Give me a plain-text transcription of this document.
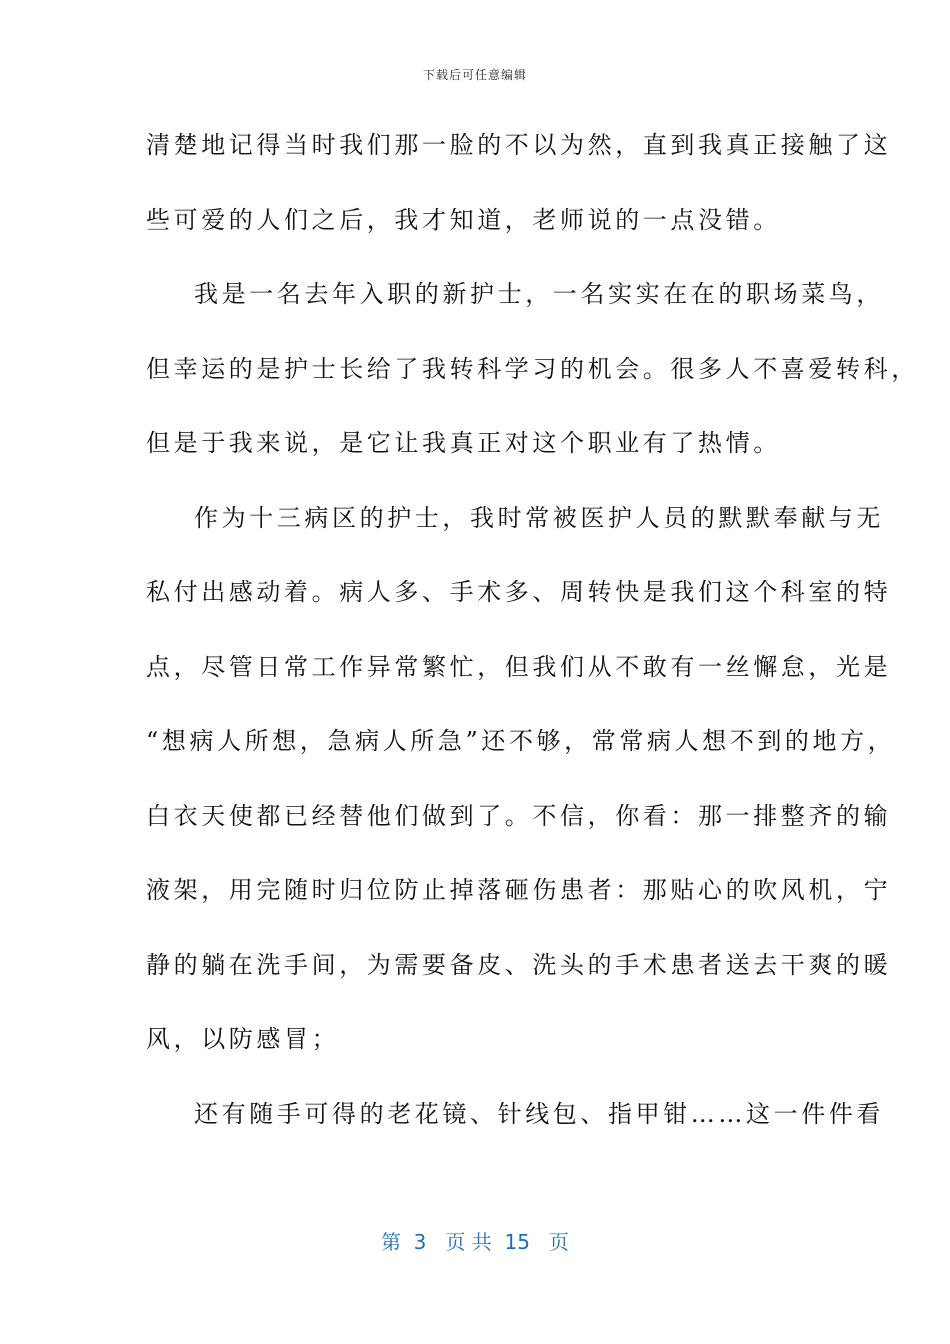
下载后可任意编辑
清楚地记得当时我们那一脸的不以为然，直到我真正接触了这
些可爱的人们之后，我才知道，老师说的一点没错。
我是一名去年入职的新护士，一名实实在在的职场菜鸟，
但幸运的是护士长给了我转科学习的机会。很多人不喜爱转科，
但是于我来说，是它让我真正对这个职业有了热情。
作为十三病区的护士，我时常被医护人员的默默奉献与无
私付出感动着。病人多、手术多、周转快是我们这个科室的特
点，尽管日常工作异常繁忙，但我们从不敢有一丝懈怠，光是
“想病人所想，急病人所急”还不够，常常病人想不到的地方，
白衣天使都已经替他们做到了。不信，你看：那一排整齐的输
液架，用完随时归位防止掉落砸伤患者：那贴心的吹风机，宁
静的躺在洗手间，为需要备皮、洗头的手术患者送去干爽的暖
风，以防感冒；
还有随手可得的老花镜、针线包、指甲钳……这一件件看
第  3   页 共  15   页
